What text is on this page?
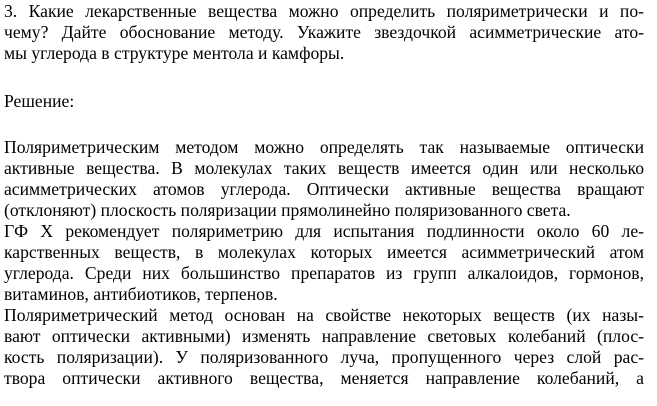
3. Какие лекарственные вещества можно определить поляриметрически и по-
чему? Дайте обоснование методу. Укажите звездочкой асимметрические ато-
мы углерода в структуре ментола и камфоры.
Решение:
Поляриметрическим методом можно определять так называемые оптически
активные вещества. В молекулах таких веществ имеется один или несколько
асимметрических атомов углерода. Оптически активные вещества вращают
(отклоняют) плоскость поляризации прямолинейно поляризованного света.
ГФ X рекомендует поляриметрию для испытания подлинности около 60 ле-
карственных веществ, в молекулах которых имеется асимметрический атом
углерода. Среди них большинство препаратов из групп алкалоидов, гормонов,
витаминов, антибиотиков, терпенов.
Поляриметрический метод основан на свойстве некоторых веществ (их назы-
вают оптически активными) изменять направление световых колебаний (плос-
кость поляризации). У поляризованного луча, пропущенного через слой рас-
твора оптически активного вещества, меняется направление колебаний, а
